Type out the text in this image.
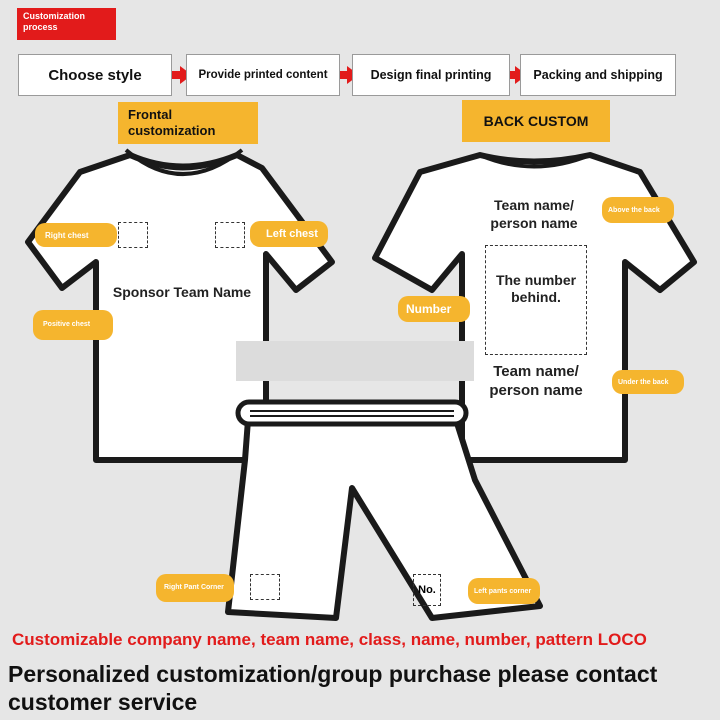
Customization process
Choose style	Provide printed content	Design final printing	Packing and shipping
Frontal customization
BACK CUSTOM
Right chest	Left chest
Sponsor Team Name
Positive chest
Team name/ person name
Above the back
The number behind.
Number
Team name/ person name	Under the back
Right Pant Corner	No.	Left pants corner
Customizable company name, team name, class, name, number, pattern LOCO
Personalized customization/group purchase please contact customer service
